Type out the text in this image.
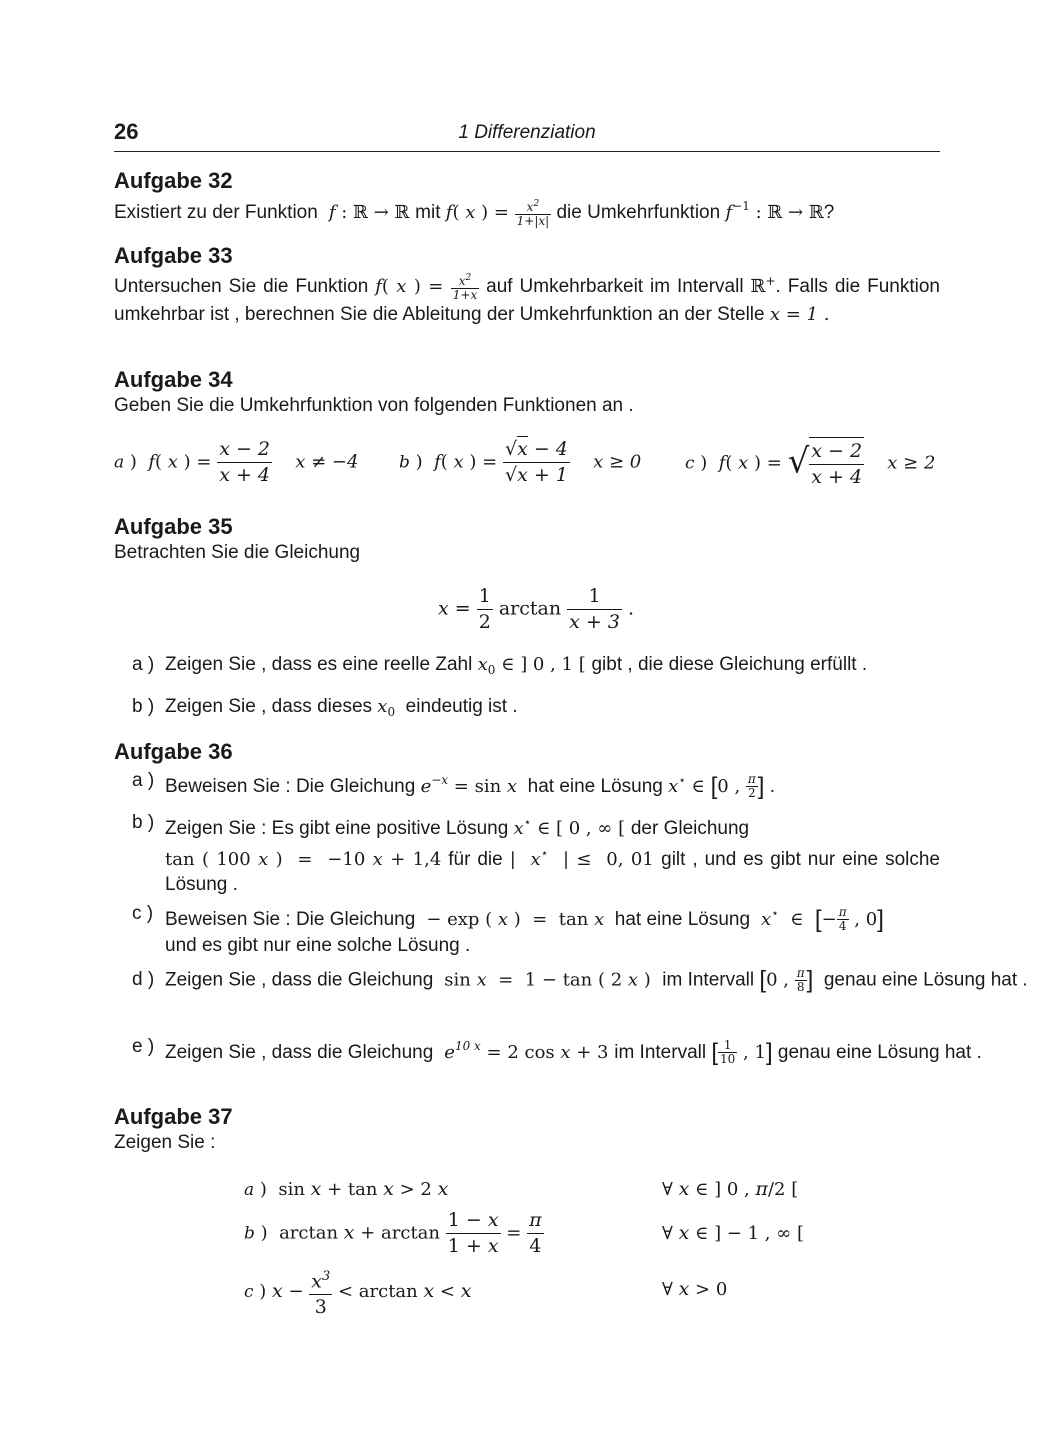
26	1 Differenziation
Aufgabe 32
Existiert zu der Funktion  f : ℝ → ℝ mit f( x ) = $\frac{x^2}{1+|x|}$ die Umkehrfunktion $f^{-1}$ : ℝ → ℝ?
Aufgabe 33
Untersuchen Sie die Funktion f( x ) = $\frac{x^2}{1+x}$ auf Umkehrbarkeit im Intervall ℝ+. Falls die Funktion umkehrbar ist , berechnen Sie die Ableitung der Umkehrfunktion an der Stelle x = 1 .
Aufgabe 34
Geben Sie die Umkehrfunktion von folgenden Funktionen an .
a )  f( x ) = $\frac{x - 2}{x + 4}$ x ≠ −4 b )  f( x ) = $\frac{√x - 4}{√x + 1}$ x ≥ 0	c )  f( x ) = √ $\frac{x - 2}{x + 4}$ x ≥ 2
Aufgabe 35
Betrachten Sie die Gleichung
$x = \frac{1}{2}$ $\arctan \frac{1}{x + 3}$ .
a ) Zeigen Sie , dass es eine reelle Zahl $x_0$ ∈ ] 0 , 1 [ gibt , die diese Gleichung erfüllt .
b ) Zeigen Sie , dass dieses $x_0$ eindeutig ist .
Aufgabe 36
a ) Beweisen Sie : Die Gleichung $e^{-x} = \sin x$ hat eine Lösung x⋆ ∈ [0 , $\frac{\pi}{2}$ ] .
b ) Zeigen Sie : Es gibt eine positive Lösung x⋆ ∈ [ 0 , ∞ [ der Gleichung
tan ( 100 x )  =  −10 x + 1,4 für die |  x⋆  | ≤  0, 01 gilt , und es gibt nur eine solche Lösung .
c ) Beweisen Sie : Die Gleichung  − exp ( x )  =  tan x hat eine Lösung  x⋆  ∈  [− $\frac{\pi}{4}$ , 0]
und es gibt nur eine solche Lösung .
d ) Zeigen Sie , dass die Gleichung  sin x  =  1 − tan ( 2 x )  im Intervall [0 , $\frac{\pi}{8}$ ] genau eine Lösung hat .
e ) Zeigen Sie , dass die Gleichung  $e^{10 x} = 2$ cos x + 3 im Intervall [ $\frac{1}{10}$ , 1] genau eine Lösung hat .
Aufgabe 37
Zeigen Sie :
a )  sin x + tan x > 2 x	∀ x ∈ ] 0 , π/2 [
b )  $\arctan x + \arctan \frac{1 - x}{1 + x} = \frac{\pi}{4}$	∀ x ∈ ] − 1 , ∞ [
c ) $x - \frac{x^3}{3} < \arctan x < x$	∀ x > 0
